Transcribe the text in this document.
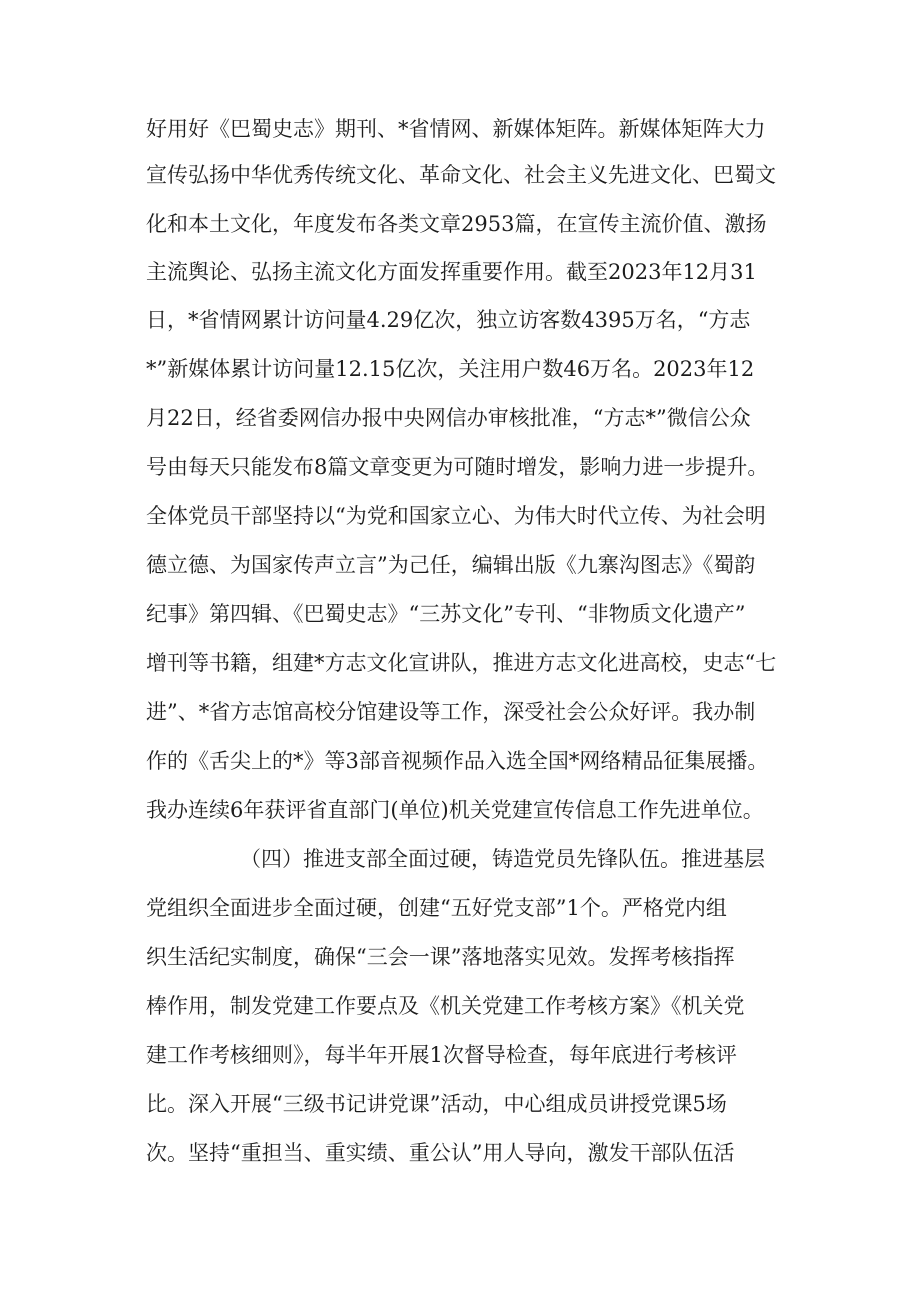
好用好《巴蜀史志》期刊、*省情网、新媒体矩阵。新媒体矩阵大力
宣传弘扬中华优秀传统文化、革命文化、社会主义先进文化、巴蜀文
化和本土文化，年度发布各类文章2953篇，在宣传主流价值、激扬
主流舆论、弘扬主流文化方面发挥重要作用。截至2023年12月31
日，*省情网累计访问量4.29亿次，独立访客数4395万名，“方志
*”新媒体累计访问量12.15亿次，关注用户数46万名。2023年12
月22日，经省委网信办报中央网信办审核批准，“方志*”微信公众
号由每天只能发布8篇文章变更为可随时增发，影响力进一步提升。
全体党员干部坚持以“为党和国家立心、为伟大时代立传、为社会明
德立德、为国家传声立言”为己任，编辑出版《九寨沟图志》《蜀韵
纪事》第四辑、《巴蜀史志》“三苏文化”专刊、“非物质文化遗产”
增刊等书籍，组建*方志文化宣讲队，推进方志文化进高校，史志“七
进”、*省方志馆高校分馆建设等工作，深受社会公众好评。我办制
作的《舌尖上的*》等3部音视频作品入选全国*网络精品征集展播。
我办连续6年获评省直部门(单位)机关党建宣传信息工作先进单位。
（四）推进支部全面过硬，铸造党员先锋队伍。推进基层
党组织全面进步全面过硬，创建“五好党支部”1个。严格党内组
织生活纪实制度，确保“三会一课”落地落实见效。发挥考核指挥
棒作用，制发党建工作要点及《机关党建工作考核方案》《机关党
建工作考核细则》，每半年开展1次督导检查，每年底进行考核评
比。深入开展“三级书记讲党课”活动，中心组成员讲授党课5场
次。坚持“重担当、重实绩、重公认”用人导向，激发干部队伍活
